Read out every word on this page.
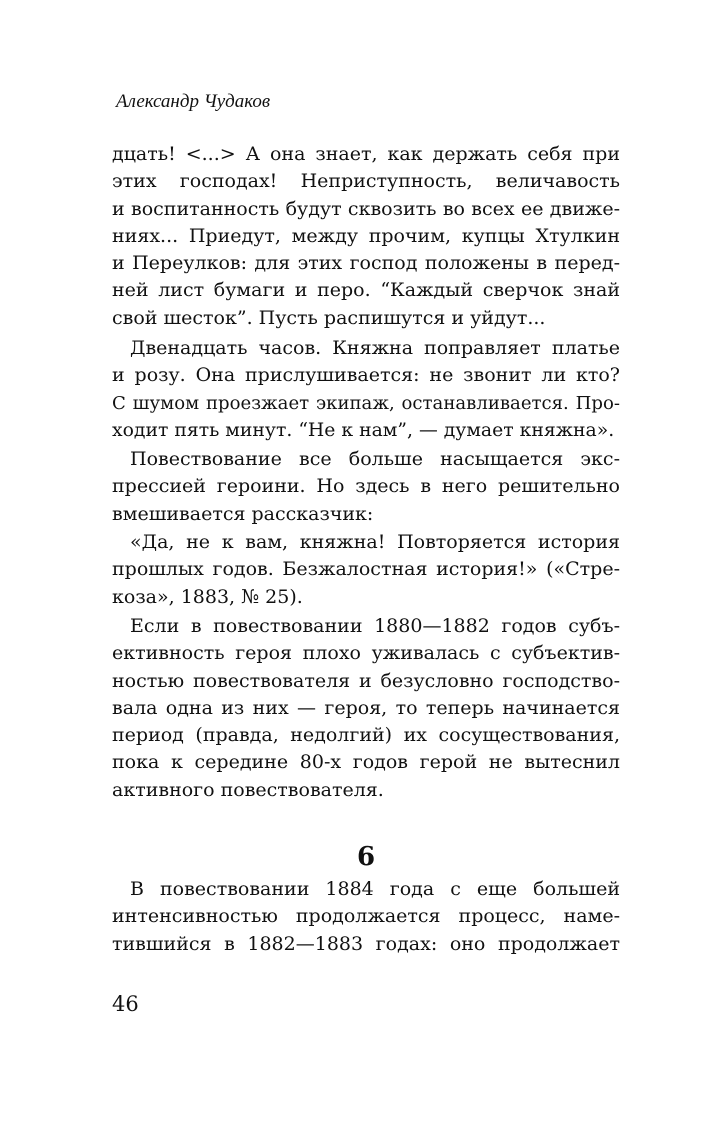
Александр Чудаков
дцать! <...> А она знает, как держать себя при
этих господах! Неприступность, величавость
и воспитанность будут сквозить во всех ее движе-
ниях... Приедут, между прочим, купцы Хтулкин
и Переулков: для этих господ положены в перед-
ней лист бумаги и перо. “Каждый сверчок знай
свой шесток”. Пусть распишутся и уйдут...
Двенадцать часов. Княжна поправляет платье
и розу. Она прислушивается: не звонит ли кто?
С шумом проезжает экипаж, останавливается. Про-
ходит пять минут. “Не к нам”, — думает княжна».
Повествование все больше насыщается экс-
прессией героини. Но здесь в него решительно
вмешивается рассказчик:
«Да, не к вам, княжна! Повторяется история
прошлых годов. Безжалостная история!» («Стре-
коза», 1883, № 25).
Если в повествовании 1880—1882 годов субъ-
ективность героя плохо уживалась с субъектив-
ностью повествователя и безусловно господство-
вала одна из них — героя, то теперь начинается
период (правда, недолгий) их сосуществования,
пока к середине 80-х годов герой не вытеснил
активного повествователя.
6
В повествовании 1884 года с еще большей
интенсивностью продолжается процесс, наме-
тившийся в 1882—1883 годах: оно продолжает
46
